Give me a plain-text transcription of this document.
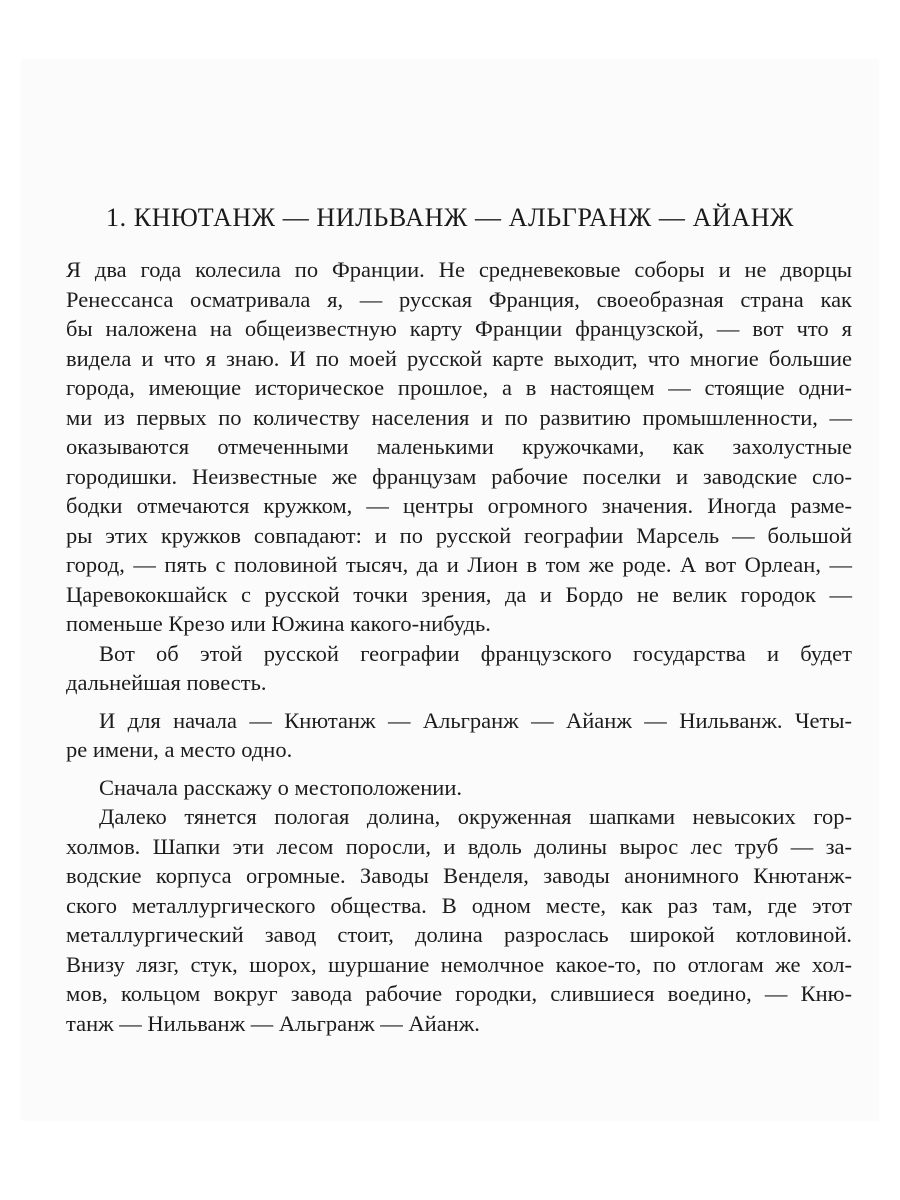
1. КНЮТАНЖ — НИЛЬВАНЖ — АЛЬГРАНЖ — АЙАНЖ
Я два года колесила по Франции. Не средневековые соборы и не дворцы
Ренессанса осматривала я, — русская Франция, своеобразная страна как
бы наложена на общеизвестную карту Франции французской, — вот что я
видела и что я знаю. И по моей русской карте выходит, что многие большие
города, имеющие историческое прошлое, а в настоящем — стоящие одни-
ми из первых по количеству населения и по развитию промышленности, —
оказываются отмеченными маленькими кружочками, как захолустные
городишки. Неизвестные же французам рабочие поселки и заводские сло-
бодки отмечаются кружком, — центры огромного значения. Иногда разме-
ры этих кружков совпадают: и по русской географии Марсель — большой
город, — пять с половиной тысяч, да и Лион в том же роде. А вот Орлеан, —
Царевококшайск с русской точки зрения, да и Бордо не велик городок —
поменьше Крезо или Южина какого-нибудь.
Вот об этой русской географии французского государства и будет
дальнейшая повесть.
И для начала — Кнютанж — Альгранж — Айанж — Нильванж. Четы-
ре имени, а место одно.
Сначала расскажу о местоположении.
Далеко тянется пологая долина, окруженная шапками невысоких гор-
холмов. Шапки эти лесом поросли, и вдоль долины вырос лес труб — за-
водские корпуса огромные. Заводы Венделя, заводы анонимного Кнютанж-
ского металлургического общества. В одном месте, как раз там, где этот
металлургический завод стоит, долина разрослась широкой котловиной.
Внизу лязг, стук, шорох, шуршание немолчное какое-то, по отлогам же хол-
мов, кольцом вокруг завода рабочие городки, слившиеся воедино, — Кню-
танж — Нильванж — Альгранж — Айанж.
